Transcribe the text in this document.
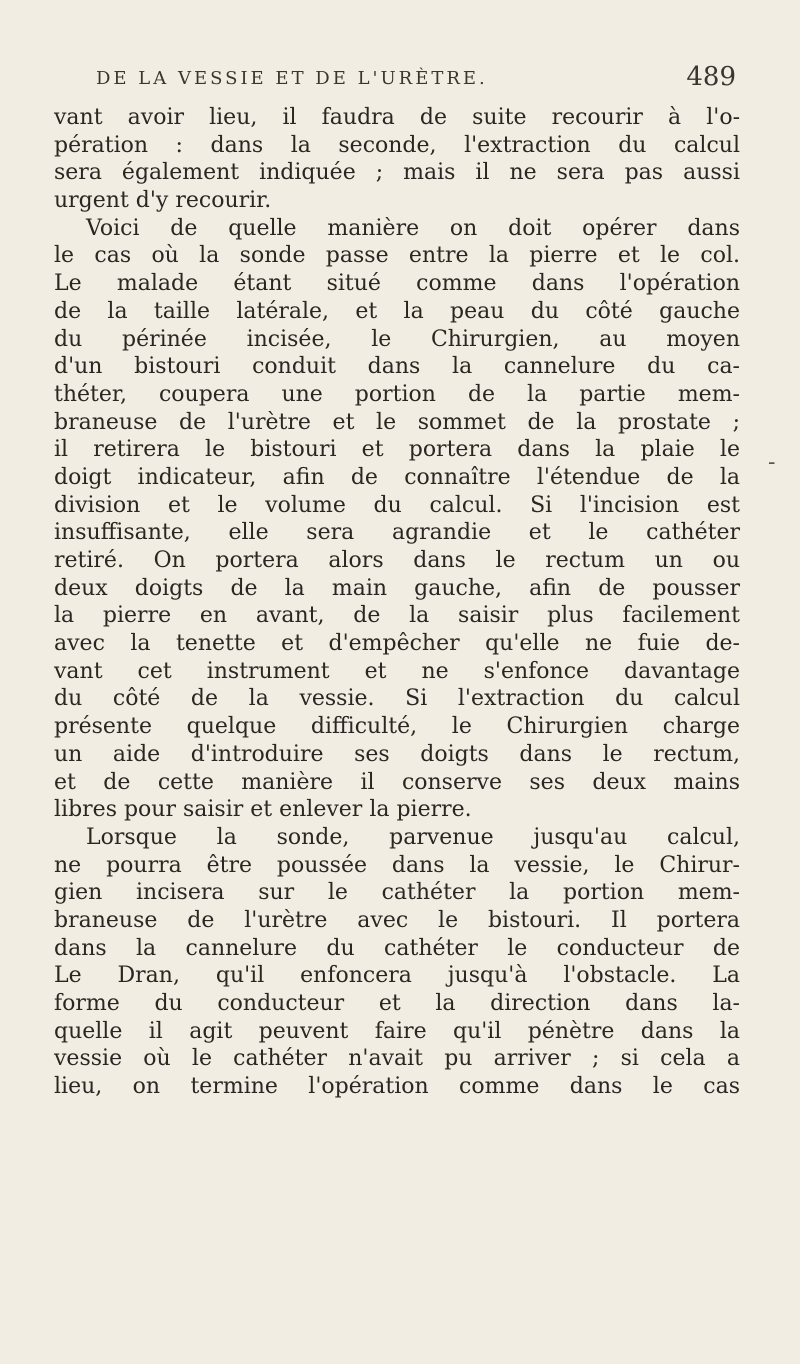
DE LA VESSIE ET DE L'URÈTRE.	489
vant avoir lieu, il faudra de suite recourir à l'o-
pération : dans la seconde, l'extraction du calcul
sera également indiquée ; mais il ne sera pas aussi
urgent d'y recourir.
Voici de quelle manière on doit opérer dans
le cas où la sonde passe entre la pierre et le col.
Le malade étant situé comme dans l'opération
de la taille latérale, et la peau du côté gauche
du périnée incisée, le Chirurgien, au moyen
d'un bistouri conduit dans la cannelure du ca-
théter, coupera une portion de la partie mem-
braneuse de l'urètre et le sommet de la prostate ;
il retirera le bistouri et portera dans la plaie le
doigt indicateur, afin de connaître l'étendue de la
division et le volume du calcul. Si l'incision est
insuffisante, elle sera agrandie et le cathéter
retiré. On portera alors dans le rectum un ou
deux doigts de la main gauche, afin de pousser
la pierre en avant, de la saisir plus facilement
avec la tenette et d'empêcher qu'elle ne fuie de-
vant cet instrument et ne s'enfonce davantage
du côté de la vessie. Si l'extraction du calcul
présente quelque difficulté, le Chirurgien charge
un aide d'introduire ses doigts dans le rectum,
et de cette manière il conserve ses deux mains
libres pour saisir et enlever la pierre.
Lorsque la sonde, parvenue jusqu'au calcul,
ne pourra être poussée dans la vessie, le Chirur-
gien incisera sur le cathéter la portion mem-
braneuse de l'urètre avec le bistouri. Il portera
dans la cannelure du cathéter le conducteur de
Le Dran, qu'il enfoncera jusqu'à l'obstacle. La
forme du conducteur et la direction dans la-
quelle il agit peuvent faire qu'il pénètre dans la
vessie où le cathéter n'avait pu arriver ; si cela a
lieu, on termine l'opération comme dans le cas
-
